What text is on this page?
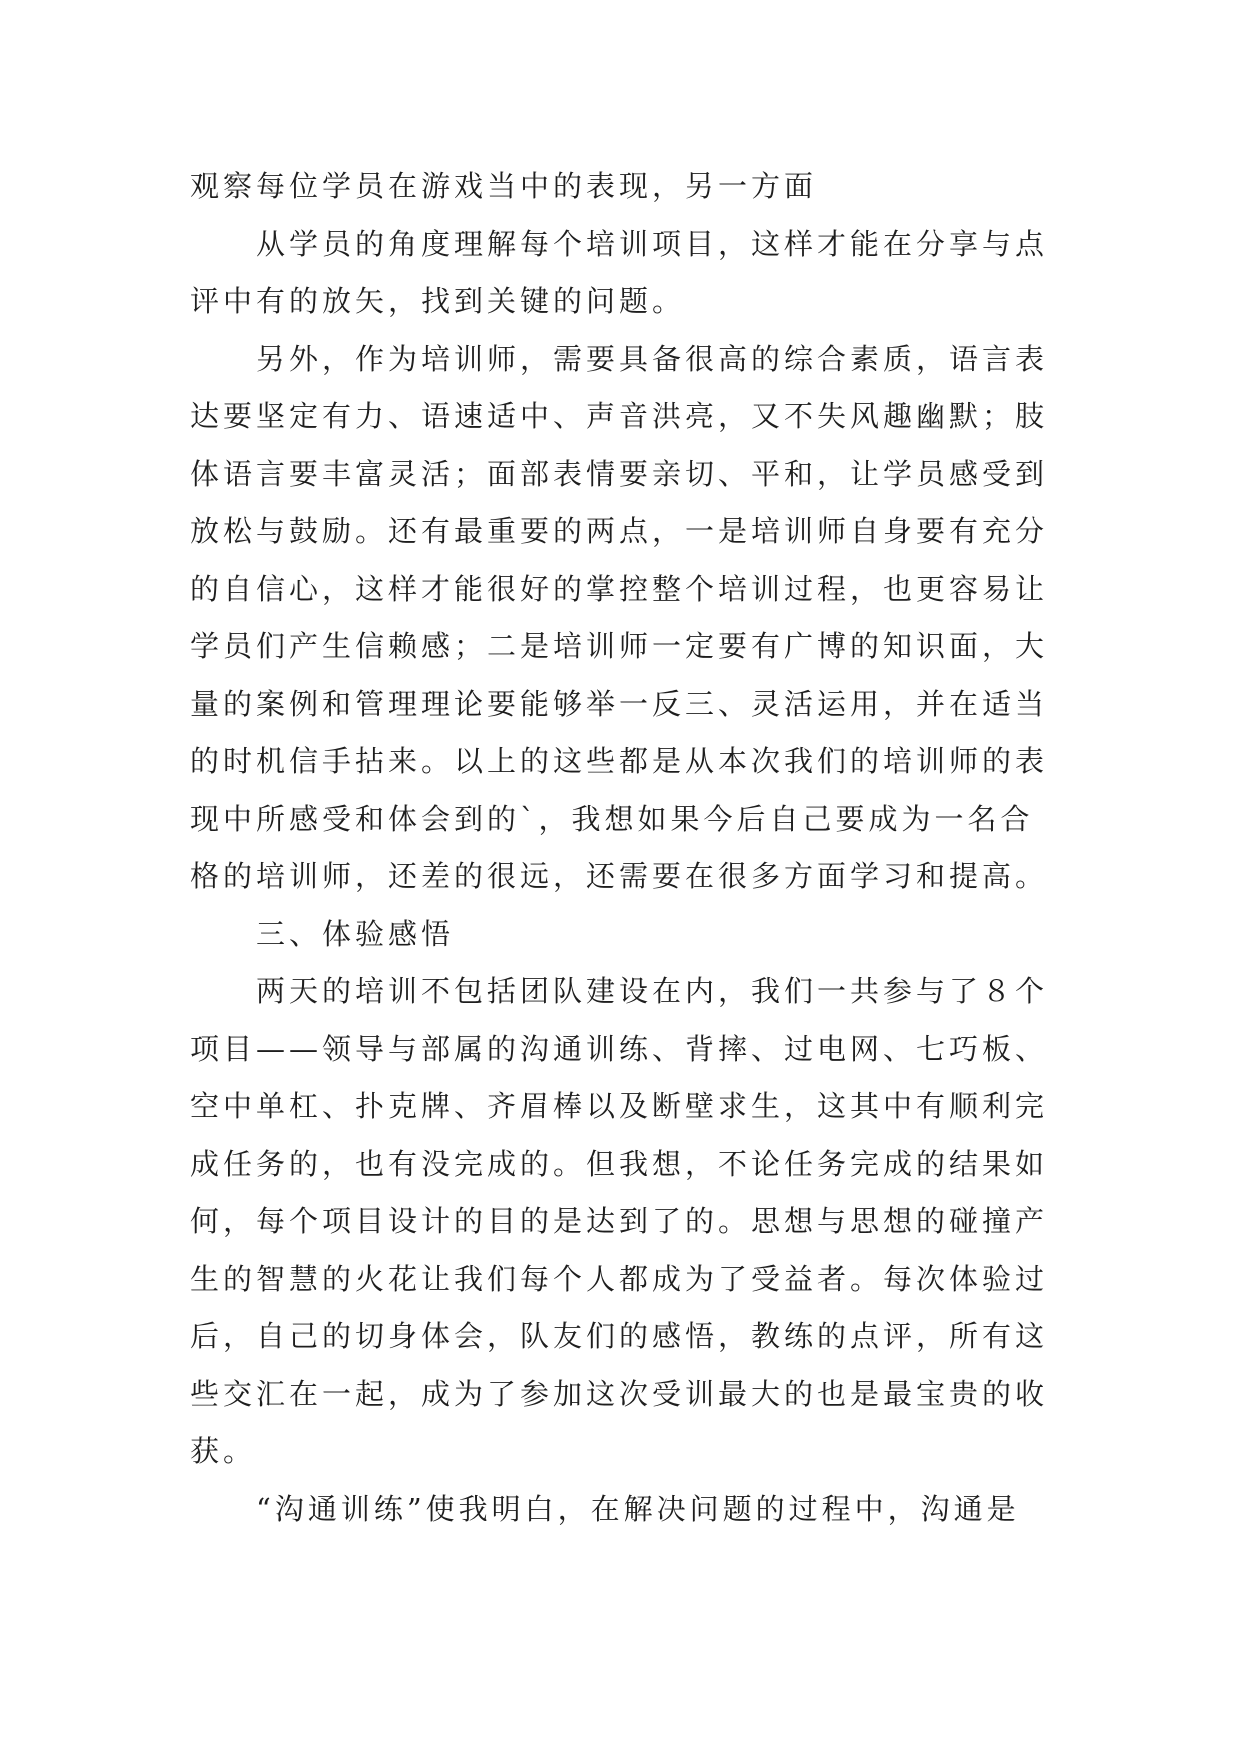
观察每位学员在游戏当中的表现，另一方面
从学员的角度理解每个培训项目，这样才能在分享与点
评中有的放矢，找到关键的问题。
另外，作为培训师，需要具备很高的综合素质，语言表
达要坚定有力、语速适中、声音洪亮，又不失风趣幽默；肢
体语言要丰富灵活；面部表情要亲切、平和，让学员感受到
放松与鼓励。还有最重要的两点，一是培训师自身要有充分
的自信心，这样才能很好的掌控整个培训过程，也更容易让
学员们产生信赖感；二是培训师一定要有广博的知识面，大
量的案例和管理理论要能够举一反三、灵活运用，并在适当
的时机信手拈来。以上的这些都是从本次我们的培训师的表
现中所感受和体会到的`，我想如果今后自己要成为一名合
格的培训师，还差的很远，还需要在很多方面学习和提高。
三、体验感悟
两天的培训不包括团队建设在内，我们一共参与了８个
项目——领导与部属的沟通训练、背摔、过电网、七巧板、
空中单杠、扑克牌、齐眉棒以及断壁求生，这其中有顺利完
成任务的，也有没完成的。但我想，不论任务完成的结果如
何，每个项目设计的目的是达到了的。思想与思想的碰撞产
生的智慧的火花让我们每个人都成为了受益者。每次体验过
后，自己的切身体会，队友们的感悟，教练的点评，所有这
些交汇在一起，成为了参加这次受训最大的也是最宝贵的收
获。
“沟通训练”使我明白，在解决问题的过程中，沟通是
